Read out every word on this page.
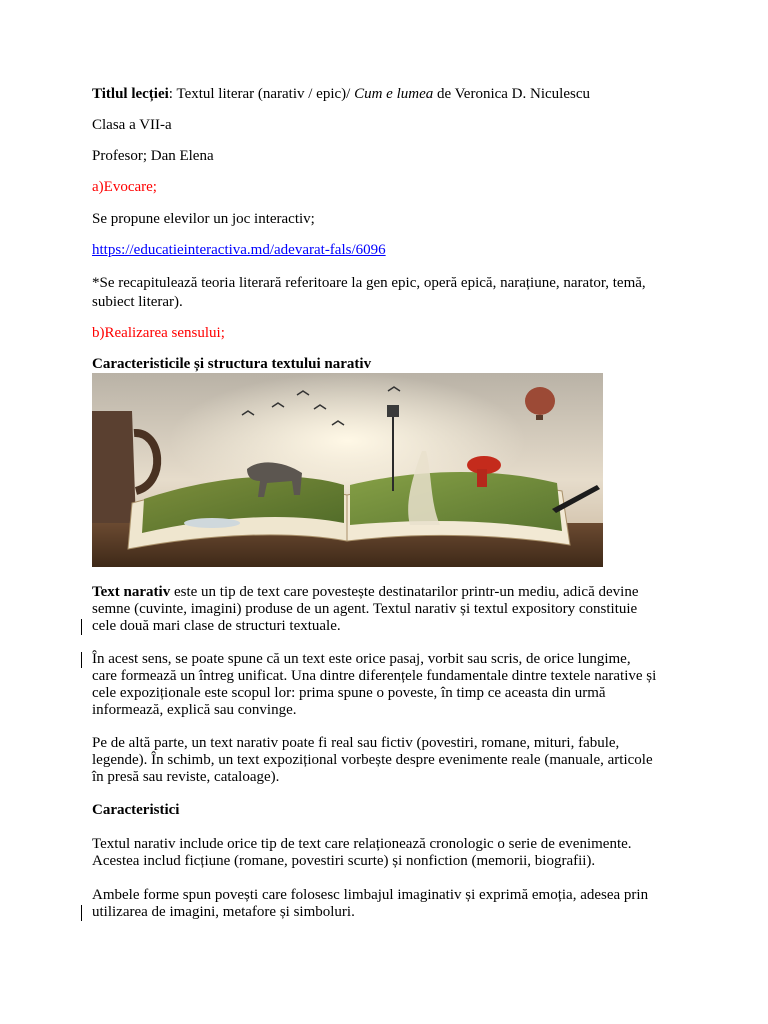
Titlul lecției: Textul literar (narativ / epic)/ Cum e lumea de Veronica D. Niculescu

Clasa a VII-a

Profesor; Dan Elena

a)Evocare;

Se propune elevilor un joc interactiv;

https://educatieinteractiva.md/adevarat-fals/6096

*Se recapitulează teoria literară referitoare la gen epic, operă epică, narațiune, narator, temă,

subiect literar).

b)Realizarea sensului;

Caracteristicile și structura textului narativ

Text narativ este un tip de text care povestește destinatarilor printr-un mediu, adică devine

semne (cuvinte, imagini) produse de un agent. Textul narativ și textul expository constituie

cele două mari clase de structuri textuale.

În acest sens, se poate spune că un text este orice pasaj, vorbit sau scris, de orice lungime,

care formează un întreg unificat. Una dintre diferențele fundamentale dintre textele narative și

cele expoziționale este scopul lor: prima spune o poveste, în timp ce aceasta din urmă

informează, explică sau convinge.

Pe de altă parte, un text narativ poate fi real sau fictiv (povestiri, romane, mituri, fabule,

legende). În schimb, un text expozițional vorbește despre evenimente reale (manuale, articole

în presă sau reviste, cataloage).

Caracteristici

Textul narativ include orice tip de text care relaționează cronologic o serie de evenimente.

Acestea includ ficțiune (romane, povestiri scurte) și nonfiction (memorii, biografii).

Ambele forme spun povești care folosesc limbajul imaginativ și exprimă emoția, adesea prin

utilizarea de imagini, metafore și simboluri.
